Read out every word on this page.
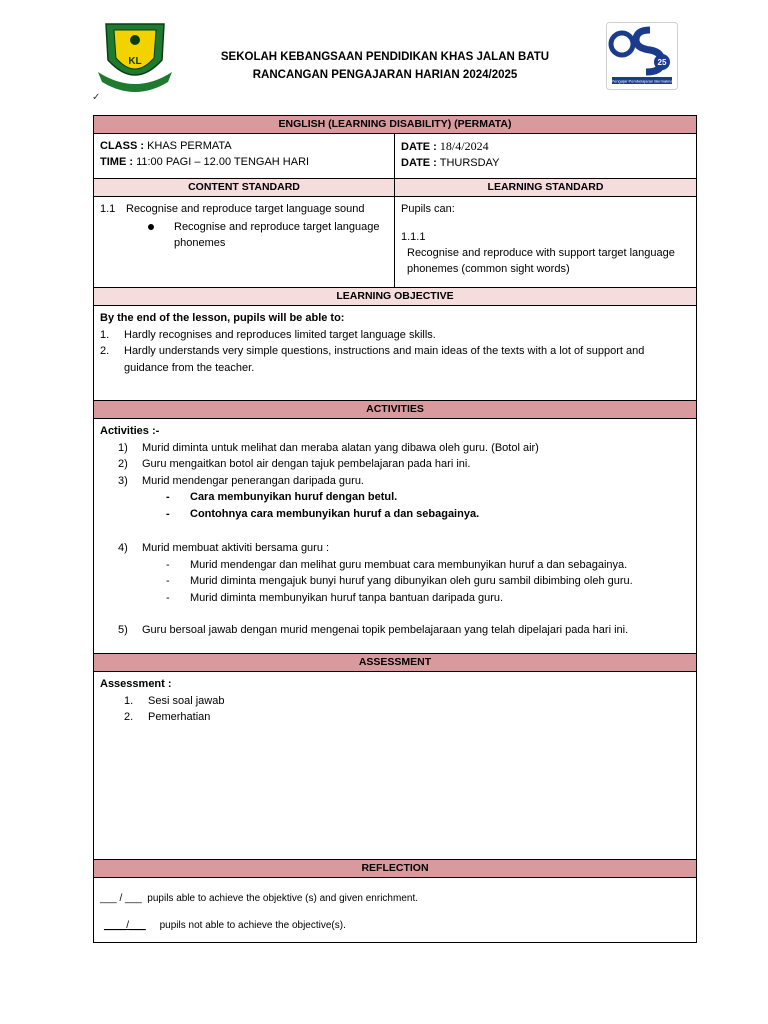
KL
✓
SEKOLAH KEBANGSAAN PENDIDIKAN KHAS JALAN BATU
RANCANGAN PENGAJARAN HARIAN 2024/2025
25
Pengajar Pembelajaran Bermakna
ENGLISH (LEARNING DISABILITY) (PERMATA)
CLASS : KHAS PERMATA
TIME : 11:00 PAGI – 12.00 TENGAH HARI
DATE : 18/4/2024
DATE : THURSDAY
CONTENT STANDARD	LEARNING STANDARD
1.1 Recognise and reproduce target language sound
Recognise and reproduce target language phonemes
Pupils can:
1.1.1
Recognise and reproduce with support target language phonemes (common sight words)
LEARNING OBJECTIVE
By the end of the lesson, pupils will be able to:
1.	Hardly recognises and reproduces limited target language skills.
2.	Hardly understands very simple questions, instructions and main ideas of the texts with a lot of support and guidance from the teacher.
ACTIVITIES
Activities :-
1)	Murid diminta untuk melihat dan meraba alatan yang dibawa oleh guru. (Botol air)
2)	Guru mengaitkan botol air dengan tajuk pembelajaran pada hari ini.
3)	Murid mendengar penerangan daripada guru.
-	Cara membunyikan huruf dengan betul.
-	Contohnya cara membunyikan huruf a dan sebagainya.
4)	Murid membuat aktiviti bersama guru :
-	Murid mendengar dan melihat guru membuat cara membunyikan huruf a dan sebagainya.
-	Murid diminta mengajuk bunyi huruf yang dibunyikan oleh guru sambil dibimbing oleh guru.
-	Murid diminta membunyikan huruf tanpa bantuan daripada guru.
5)	Guru bersoal jawab dengan murid mengenai topik pembelajaraan yang telah dipelajari pada hari ini.
ASSESSMENT
Assessment :
1.	Sesi soal jawab
2.	Pemerhatian
REFLECTION
___ / ___ pupils able to achieve the objektive (s) and given enrichment.
____/___ pupils not able to achieve the objective(s).
